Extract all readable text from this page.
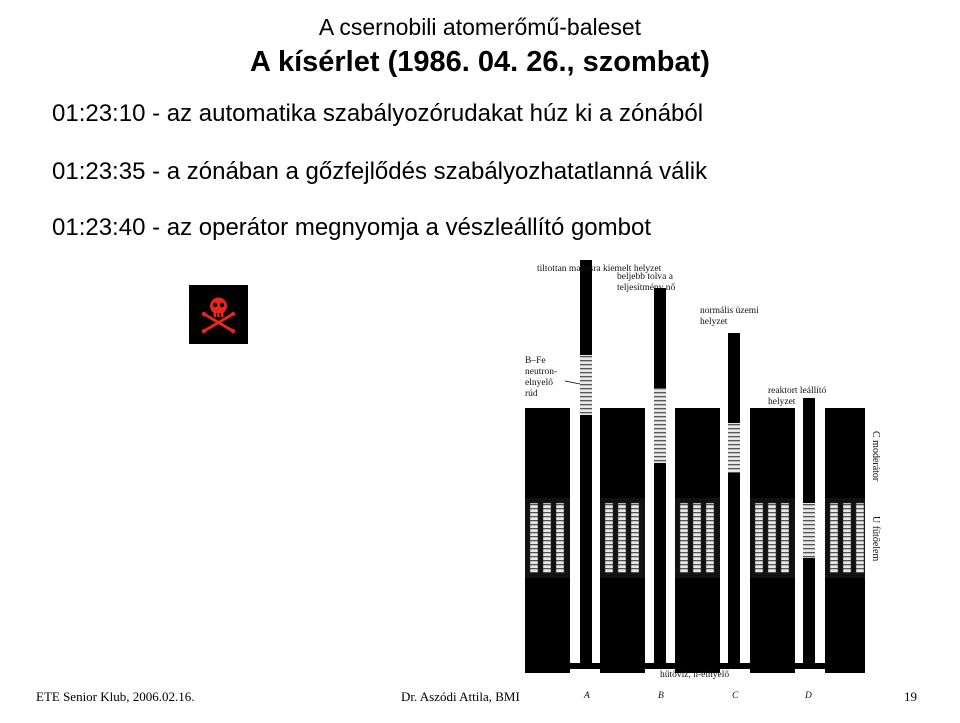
A csernobili atomerőmű-baleset
A kísérlet (1986. 04. 26., szombat)
01:23:10 - az automatika szabályozórudakat húz ki a zónából
01:23:35 - a zónában a gőzfejlődés szabályozhatatlanná válik
01:23:40 - az operátor megnyomja a vészleállító gombot
tiltottan magasra kiemelt helyzet
beljebb tolva a teljesítmény nő
normális üzemi helyzet
reaktort leállító helyzet
B–Fe neutron- elnyelő rúd
hűtővíz, n-elnyelő
C moderátor
U fűtőelem
A	B	C	D
ETE Senior Klub, 2006.02.16.	Dr. Aszódi Attila, BMI	19
